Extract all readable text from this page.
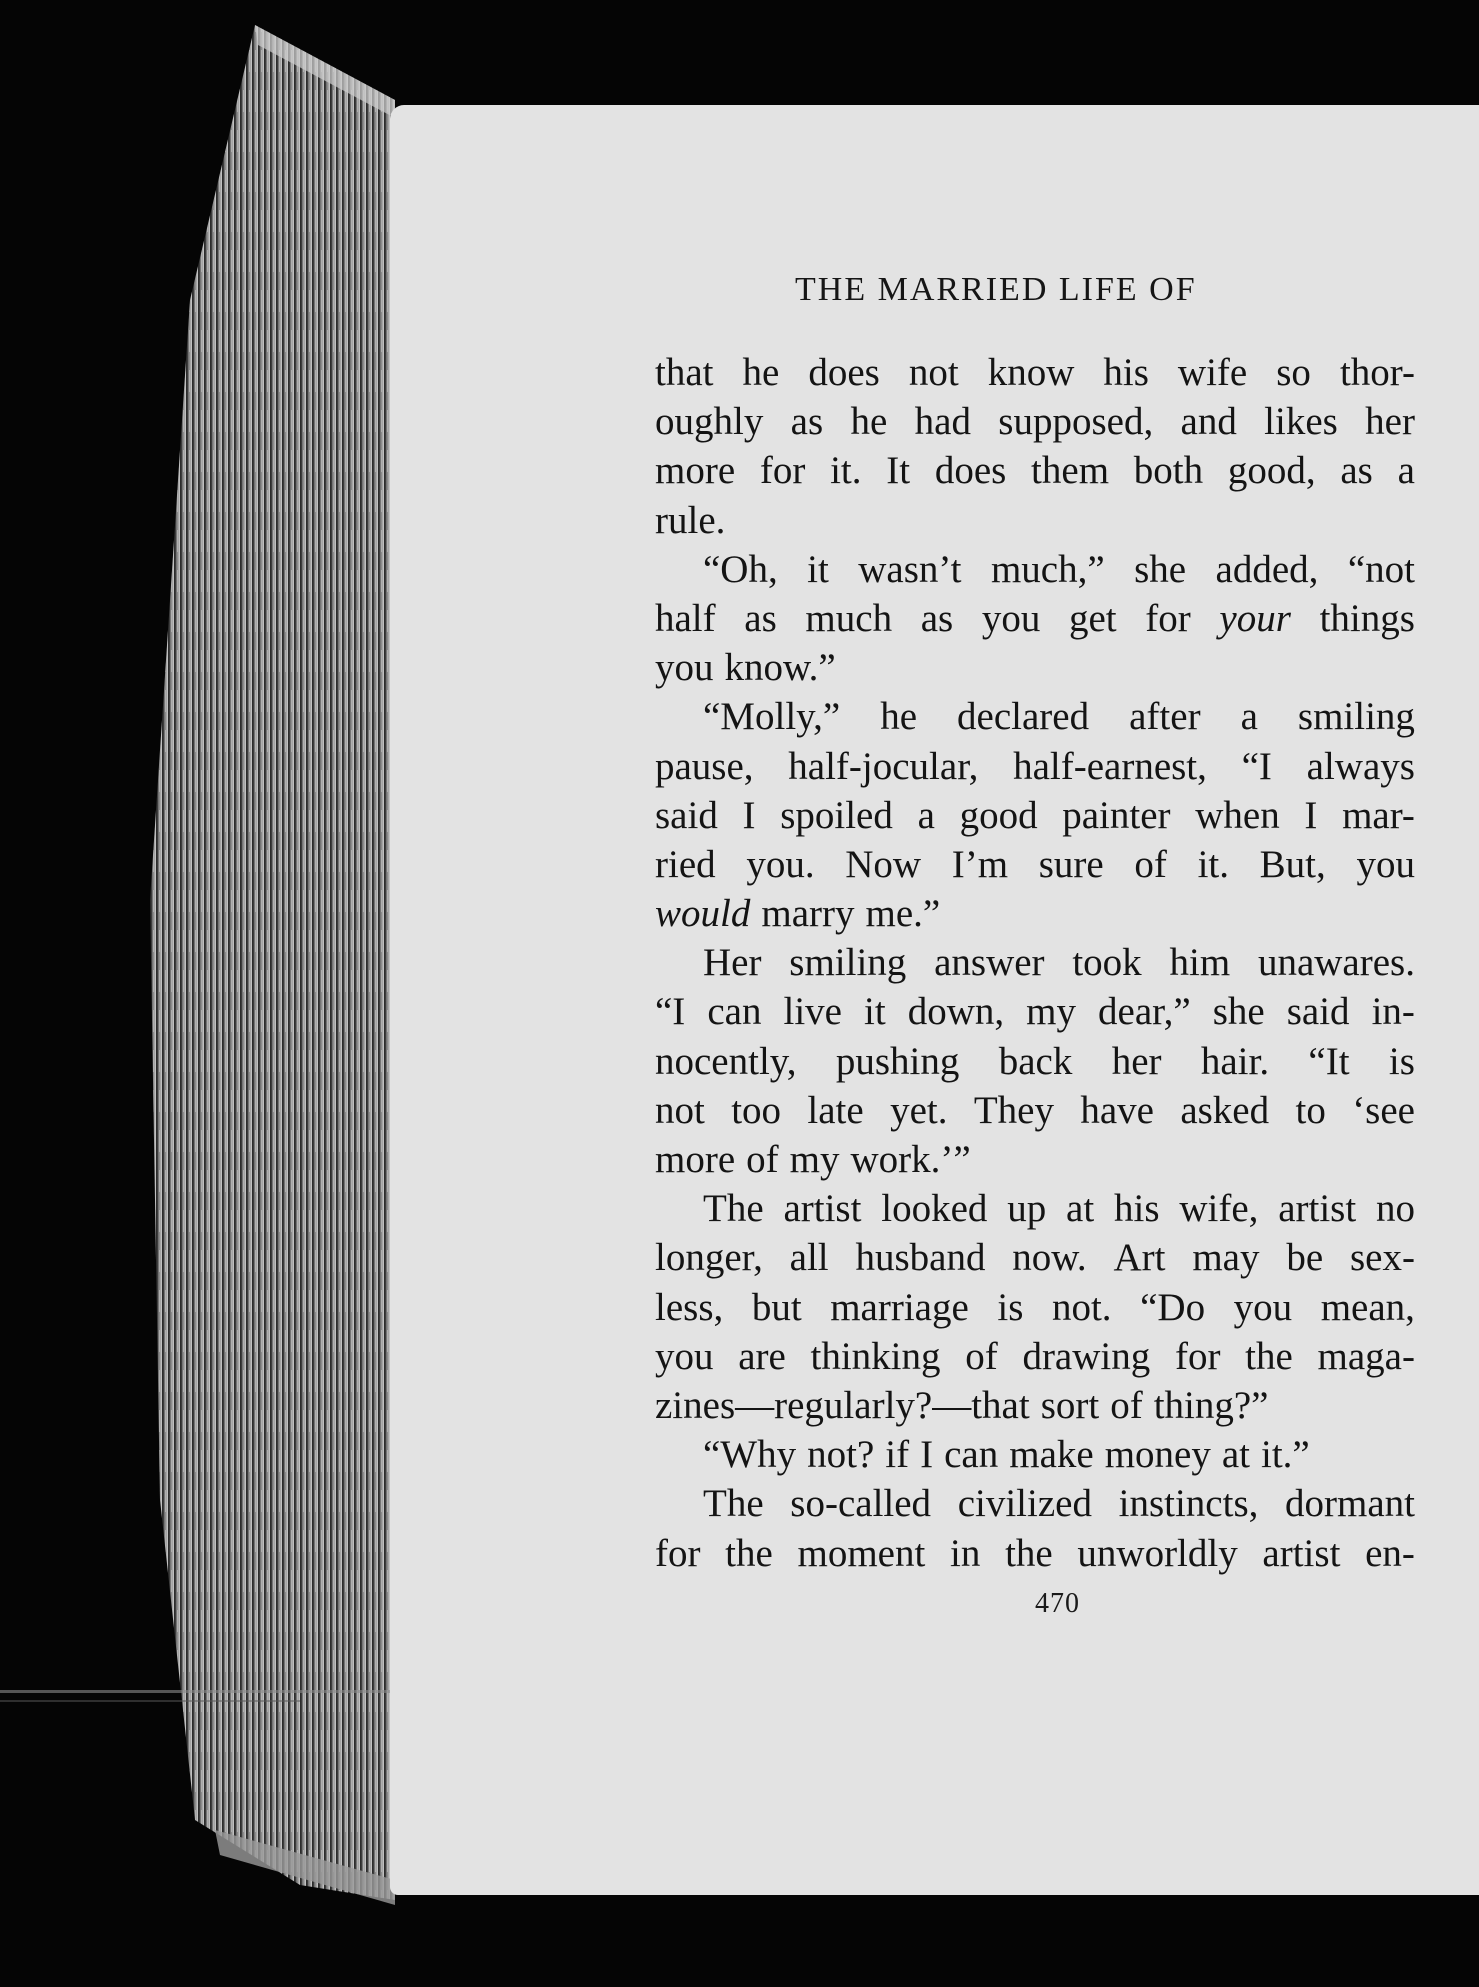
THE MARRIED LIFE OF
that he does not know his wife so thor-
oughly as he had supposed, and likes her
more for it. It does them both good, as a
rule.
“Oh, it wasn’t much,” she added, “not
half as much as you get for your things
you know.”
“Molly,” he declared after a smiling
pause, half-jocular, half-earnest, “I always
said I spoiled a good painter when I mar-
ried you. Now I’m sure of it. But, you
would marry me.”
Her smiling answer took him unawares.
“I can live it down, my dear,” she said in-
nocently, pushing back her hair. “It is
not too late yet. They have asked to ‘see
more of my work.’”
The artist looked up at his wife, artist no
longer, all husband now. Art may be sex-
less, but marriage is not. “Do you mean,
you are thinking of drawing for the maga-
zines—regularly?—that sort of thing?”
“Why not? if I can make money at it.”
The so-called civilized instincts, dormant
for the moment in the unworldly artist en-
470
